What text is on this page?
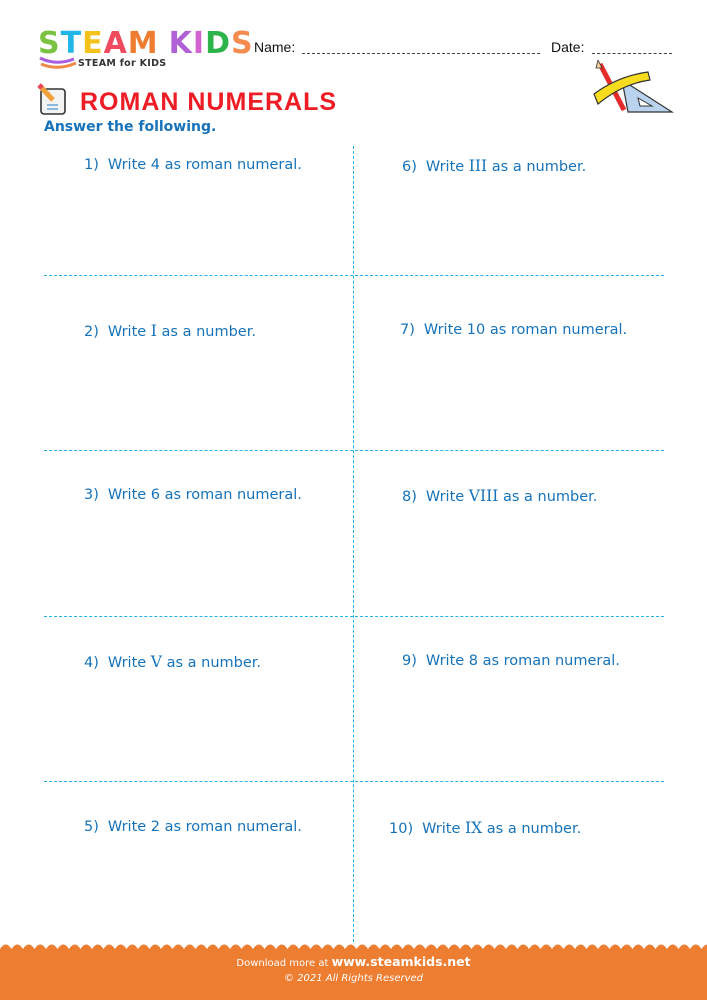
STEAM KIDS
STEAM for KIDS
Name:	Date:
ROMAN NUMERALS
Answer the following.
1) Write 4 as roman numeral.
2) Write I as a number.
3) Write 6 as roman numeral.
4) Write V as a number.
5) Write 2 as roman numeral.
6) Write III as a number.
7) Write 10 as roman numeral.
8) Write VIII as a number.
9) Write 8 as roman numeral.
10) Write IX as a number.
Download more at www.steamkids.net
© 2021 All Rights Reserved
